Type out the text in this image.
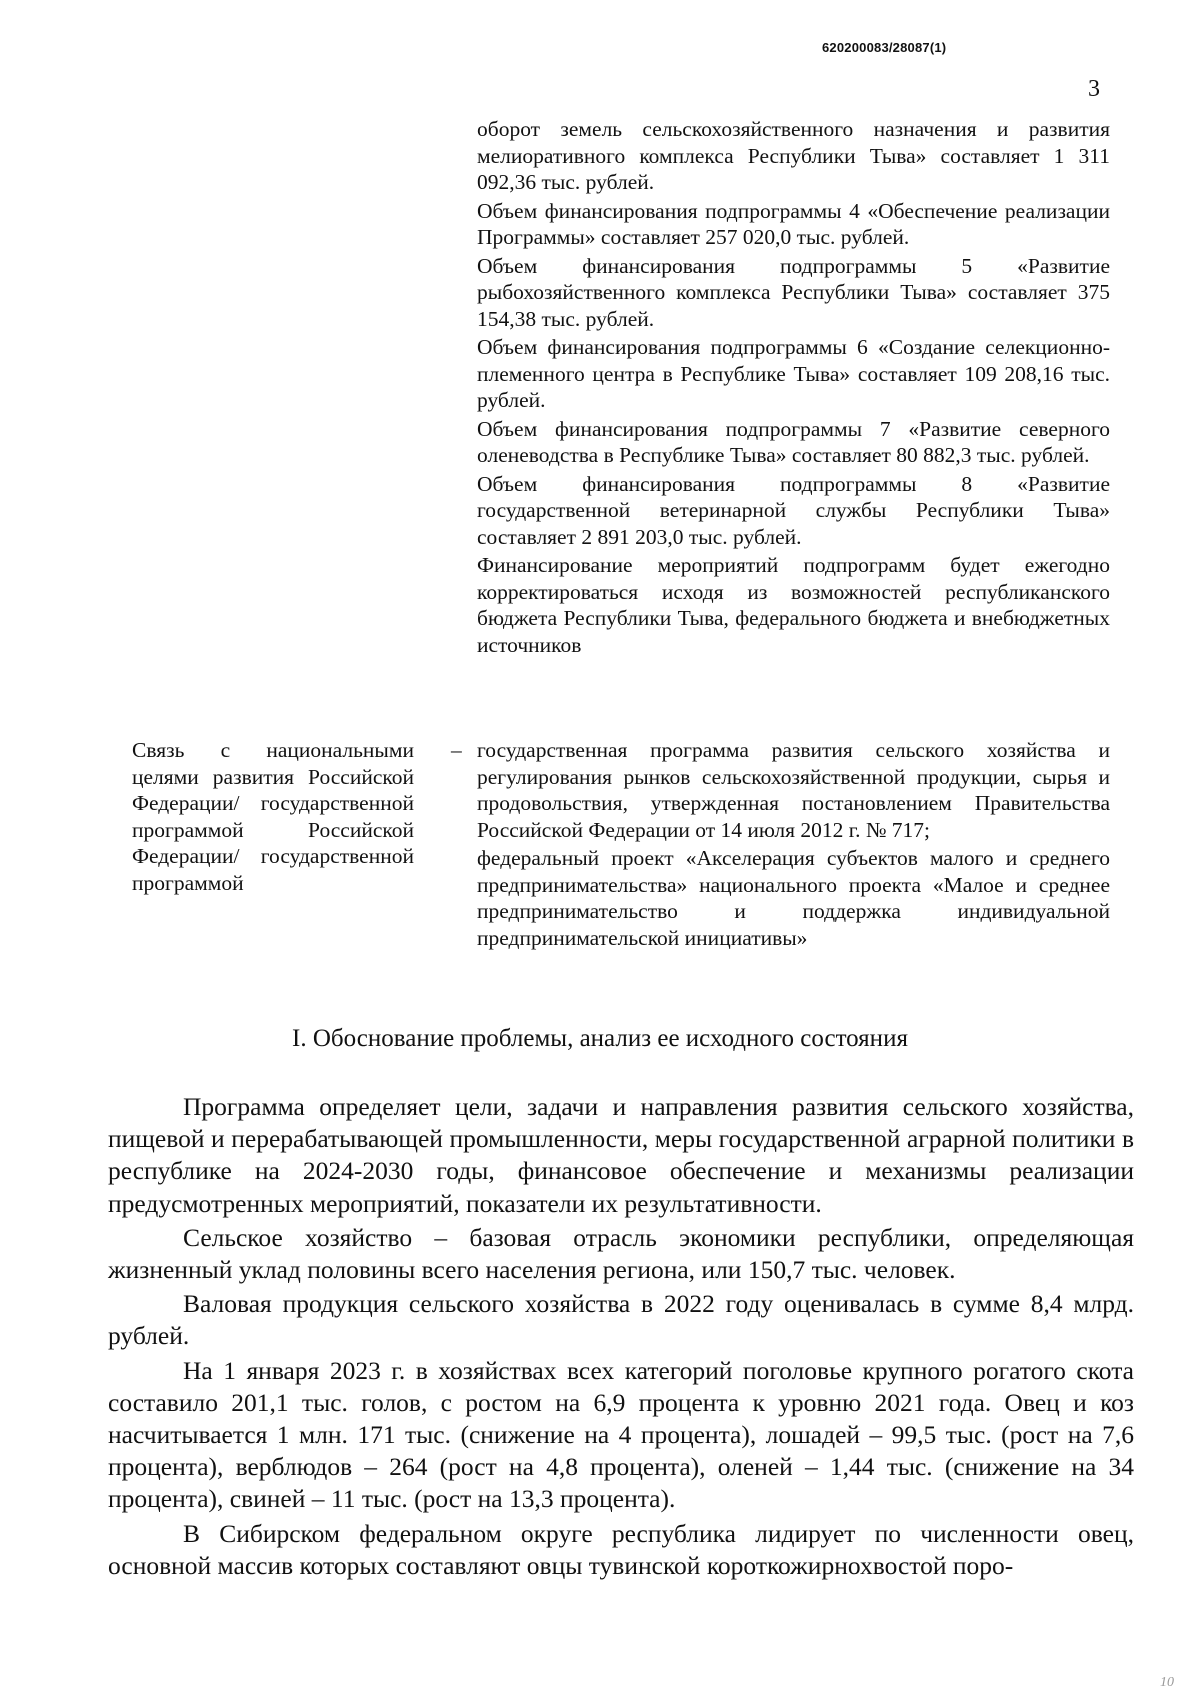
620200083/28087(1)
3

оборот земель сельскохозяйственного назначения и развития мелиоративного комплекса Республики Тыва» составляет 1 311 092,36 тыс. рублей.

Объем финансирования подпрограммы 4 «Обеспечение реализации Программы» составляет 257 020,0 тыс. рублей.

Объем финансирования подпрограммы 5 «Развитие рыбохозяйственного комплекса Республики Тыва» составляет 375 154,38 тыс. рублей.

Объем финансирования подпрограммы 6 «Создание селекционно-племенного центра в Республике Тыва» составляет 109 208,16 тыс. рублей.

Объем финансирования подпрограммы 7 «Развитие северного оленеводства в Республике Тыва» составляет 80 882,3 тыс. рублей.

Объем финансирования подпрограммы 8 «Развитие государственной ветеринарной службы Республики Тыва» составляет 2 891 203,0 тыс. рублей.

Финансирование мероприятий подпрограмм будет ежегодно корректироваться исходя из возможностей республиканского бюджета Республики Тыва, федерального бюджета и внебюджетных источников

Связь с национальными целями развития Российской Федерации/ государственной программой Российской Федерации/ государственной программой
– государственная программа развития сельского хозяйства и регулирования рынков сельскохозяйственной продукции, сырья и продовольствия, утвержденная постановлением Правительства Российской Федерации от 14 июля 2012 г. № 717;

федеральный проект «Акселерация субъектов малого и среднего предпринимательства» национального проекта «Малое и среднее предпринимательство и поддержка индивидуальной предпринимательской инициативы»

I. Обоснование проблемы, анализ ее исходного состояния

Программа определяет цели, задачи и направления развития сельского хозяйства, пищевой и перерабатывающей промышленности, меры государственной аграрной политики в республике на 2024-2030 годы, финансовое обеспечение и механизмы реализации предусмотренных мероприятий, показатели их результативности.

Сельское хозяйство – базовая отрасль экономики республики, определяющая жизненный уклад половины всего населения региона, или 150,7 тыс. человек.

Валовая продукция сельского хозяйства в 2022 году оценивалась в сумме 8,4 млрд. рублей.

На 1 января 2023 г. в хозяйствах всех категорий поголовье крупного рогатого скота составило 201,1 тыс. голов, с ростом на 6,9 процента к уровню 2021 года. Овец и коз насчитывается 1 млн. 171 тыс. (снижение на 4 процента), лошадей – 99,5 тыс. (рост на 7,6 процента), верблюдов – 264 (рост на 4,8 процента), оленей – 1,44 тыс. (снижение на 34 процента), свиней – 11 тыс. (рост на 13,3 процента).

В Сибирском федеральном округе республика лидирует по численности овец, основной массив которых составляют овцы тувинской короткожирнохвостой поро-

10
